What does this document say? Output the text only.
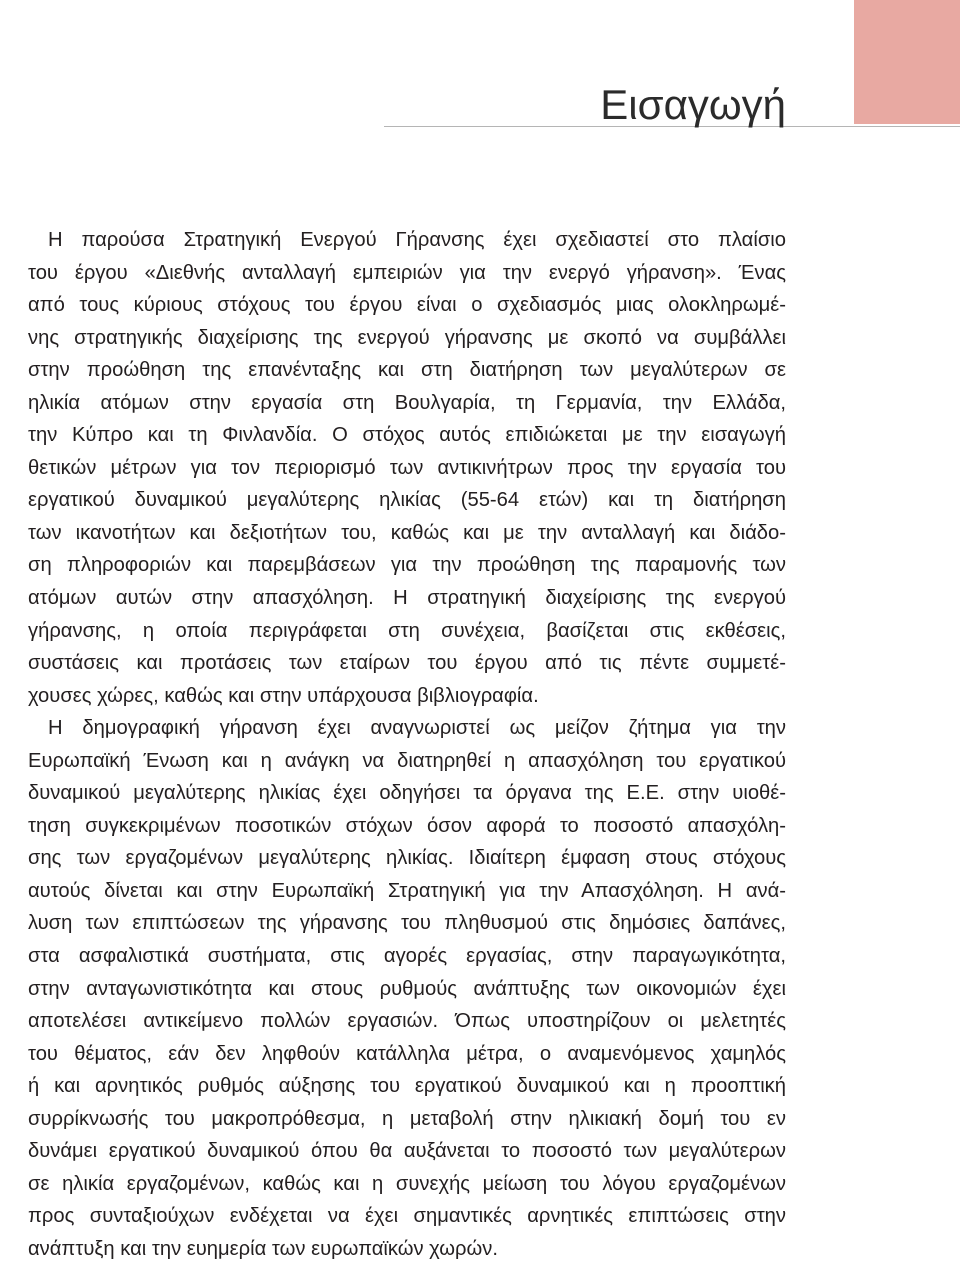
Εισαγωγή
Η παρούσα Στρατηγική Ενεργού Γήρανσης έχει σχεδιαστεί στο πλαίσιο
του έργου «Διεθνής ανταλλαγή εμπειριών για την ενεργό γήρανση». Ένας
από τους κύριους στόχους του έργου είναι ο σχεδιασμός μιας ολοκληρωμέ-
νης στρατηγικής διαχείρισης της ενεργού γήρανσης με σκοπό να συμβάλλει
στην προώθηση της επανένταξης και στη διατήρηση των μεγαλύτερων σε
ηλικία ατόμων στην εργασία στη Βουλγαρία, τη Γερμανία, την Ελλάδα,
την Κύπρο και τη Φινλανδία. Ο στόχος αυτός επιδιώκεται με την εισαγωγή
θετικών μέτρων για τον περιορισμό των αντικινήτρων προς την εργασία του
εργατικού δυναμικού μεγαλύτερης ηλικίας (55-64 ετών) και τη διατήρηση
των ικανοτήτων και δεξιοτήτων του, καθώς και με την ανταλλαγή και διάδο-
ση πληροφοριών και παρεμβάσεων για την προώθηση της παραμονής των
ατόμων αυτών στην απασχόληση. Η στρατηγική διαχείρισης της ενεργού
γήρανσης, η οποία περιγράφεται στη συνέχεια, βασίζεται στις εκθέσεις,
συστάσεις και προτάσεις των εταίρων του έργου από τις πέντε συμμετέ-
χουσες χώρες, καθώς και στην υπάρχουσα βιβλιογραφία.
Η δημογραφική γήρανση έχει αναγνωριστεί ως μείζον ζήτημα για την
Ευρωπαϊκή Ένωση και η ανάγκη να διατηρηθεί η απασχόληση του εργατικού
δυναμικού μεγαλύτερης ηλικίας έχει οδηγήσει τα όργανα της Ε.Ε. στην υιοθέ-
τηση συγκεκριμένων ποσοτικών στόχων όσον αφορά το ποσοστό απασχόλη-
σης των εργαζομένων μεγαλύτερης ηλικίας. Ιδιαίτερη έμφαση στους στόχους
αυτούς δίνεται και στην Ευρωπαϊκή Στρατηγική για την Απασχόληση. Η ανά-
λυση των επιπτώσεων της γήρανσης του πληθυσμού στις δημόσιες δαπάνες,
στα ασφαλιστικά συστήματα, στις αγορές εργασίας, στην παραγωγικότητα,
στην ανταγωνιστικότητα και στους ρυθμούς ανάπτυξης των οικονομιών έχει
αποτελέσει αντικείμενο πολλών εργασιών. Όπως υποστηρίζουν οι μελετητές
του θέματος, εάν δεν ληφθούν κατάλληλα μέτρα, ο αναμενόμενος χαμηλός
ή και αρνητικός ρυθμός αύξησης του εργατικού δυναμικού και η προοπτική
συρρίκνωσής του μακροπρόθεσμα, η μεταβολή στην ηλικιακή δομή του εν
δυνάμει εργατικού δυναμικού όπου θα αυξάνεται το ποσοστό των μεγαλύτερων
σε ηλικία εργαζομένων, καθώς και η συνεχής μείωση του λόγου εργαζομένων
προς συνταξιούχων ενδέχεται να έχει σημαντικές αρνητικές επιπτώσεις στην
ανάπτυξη και την ευημερία των ευρωπαϊκών χωρών.
